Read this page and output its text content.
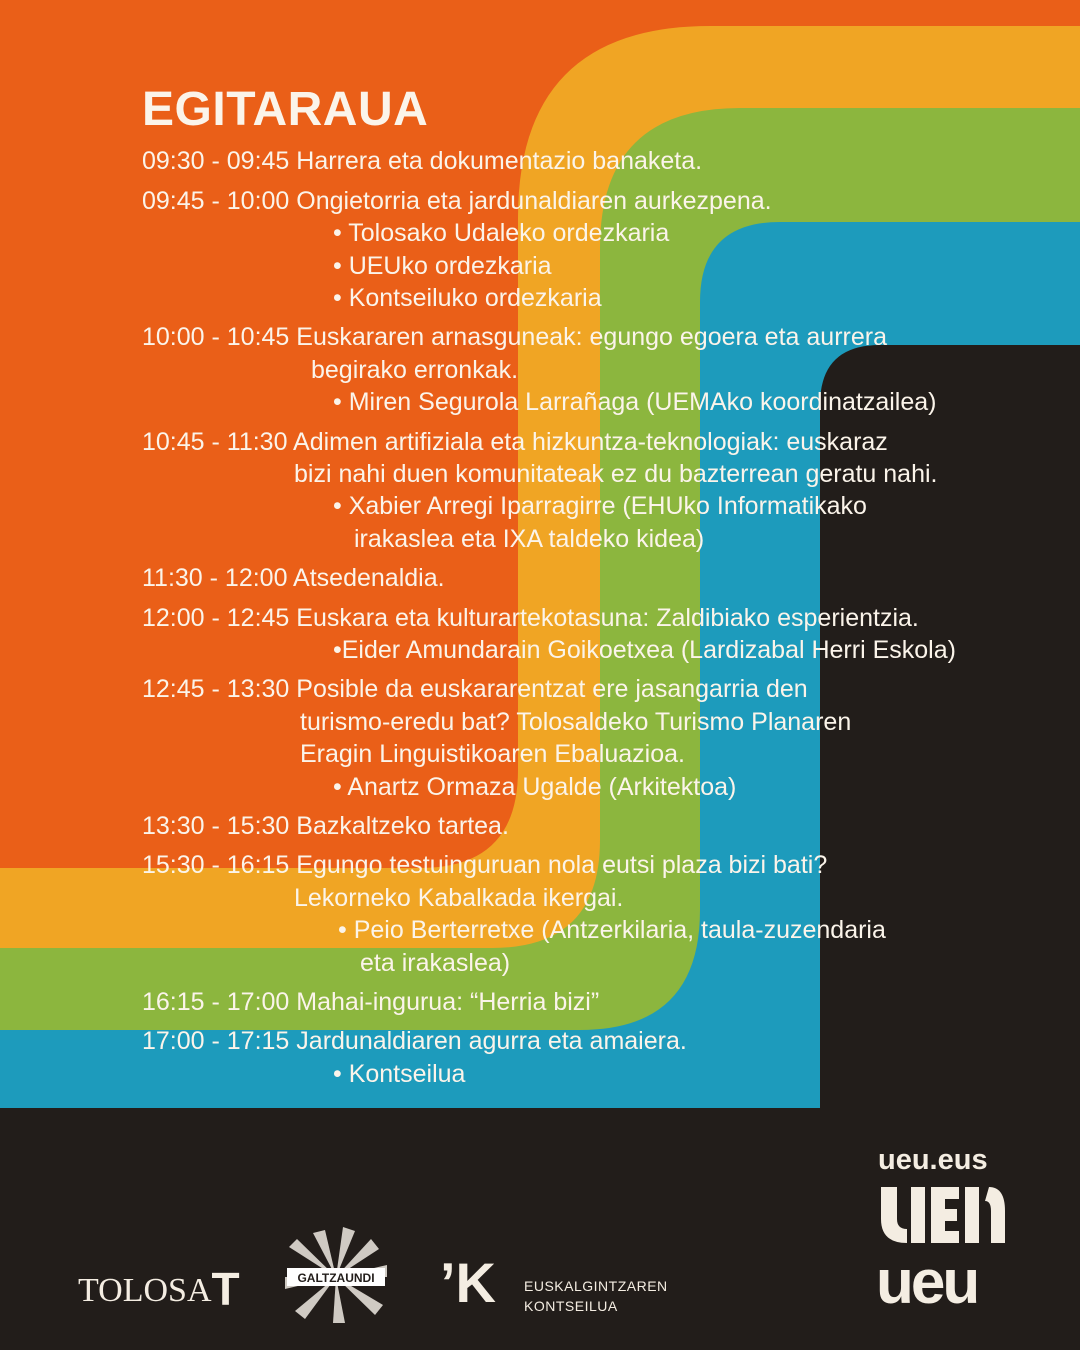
EGITARAUA
09:30 - 09:45 Harrera eta dokumentazio banaketa.
09:45 - 10:00 Ongietorria eta jardunaldiaren aurkezpena.
• Tolosako Udaleko ordezkaria
• UEUko ordezkaria
• Kontseiluko ordezkaria
10:00 - 10:45 Euskararen arnasguneak: egungo egoera eta aurrera
begirako erronkak.
• Miren Segurola Larrañaga (UEMAko koordinatzailea)
10:45 - 11:30 Adimen artifiziala eta hizkuntza-teknologiak: euskaraz
bizi nahi duen komunitateak ez du bazterrean geratu nahi.
• Xabier Arregi Iparragirre (EHUko Informatikako
irakaslea eta IXA taldeko kidea)
11:30 - 12:00 Atsedenaldia.
12:00 - 12:45 Euskara eta kulturartekotasuna: Zaldibiako esperientzia.
•Eider Amundarain Goikoetxea (Lardizabal Herri Eskola)
12:45 - 13:30 Posible da euskararentzat ere jasangarria den
turismo-eredu bat? Tolosaldeko Turismo Planaren
Eragin Linguistikoaren Ebaluazioa.
• Anartz Ormaza Ugalde (Arkitektoa)
13:30 - 15:30 Bazkaltzeko tartea.
15:30 - 16:15 Egungo testuinguruan nola eutsi plaza bizi bati?
Lekorneko Kabalkada ikergai.
• Peio Berterretxe (Antzerkilaria, taula-zuzendaria
eta irakaslea)
16:15 - 17:00 Mahai-ingurua: “Herria bizi”
17:00 - 17:15 Jardunaldiaren agurra eta amaiera.
• Kontseilua
TOLOSAT	GALTZAUNDI ’K EUSKALGINTZAREN
KONTSEILUA
ueu.eus
ueu
